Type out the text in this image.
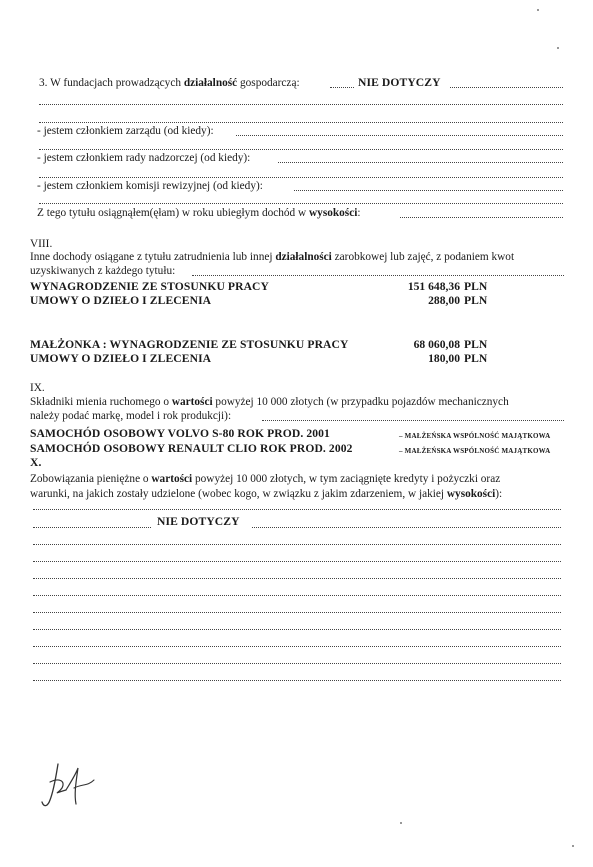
3. W fundacjach prowadzących działalność gospodarczą:	NIE DOTYCZY
- jestem członkiem zarządu (od kiedy):
- jestem członkiem rady nadzorczej (od kiedy):
- jestem członkiem komisji rewizyjnej (od kiedy):
Z tego tytułu osiągnąłem(ęłam) w roku ubiegłym dochód w wysokości:
VIII.
Inne dochody osiągane z tytułu zatrudnienia lub innej działalności zarobkowej lub zajęć, z podaniem kwot
uzyskiwanych z każdego tytułu:
WYNAGRODZENIE ZE STOSUNKU PRACY	151 648,36 PLN
UMOWY O DZIEŁO I ZLECENIA	288,00 PLN
MAŁŻONKA : WYNAGRODZENIE ZE STOSUNKU PRACY	68 060,08 PLN
UMOWY O DZIEŁO I ZLECENIA	180,00 PLN
IX.
Składniki mienia ruchomego o wartości powyżej 10 000 złotych (w przypadku pojazdów mechanicznych
należy podać markę, model i rok produkcji):
SAMOCHÓD OSOBOWY VOLVO S-80 ROK PROD. 2001	– MAŁŻEŃSKA WSPÓLNOŚĆ MAJĄTKOWA
SAMOCHÓD OSOBOWY RENAULT CLIO ROK PROD. 2002	– MAŁŻEŃSKA WSPÓLNOŚĆ MAJĄTKOWA
X.
Zobowiązania pieniężne o wartości powyżej 10 000 złotych, w tym zaciągnięte kredyty i pożyczki oraz
warunki, na jakich zostały udzielone (wobec kogo, w związku z jakim zdarzeniem, w jakiej wysokości):
NIE DOTYCZY
